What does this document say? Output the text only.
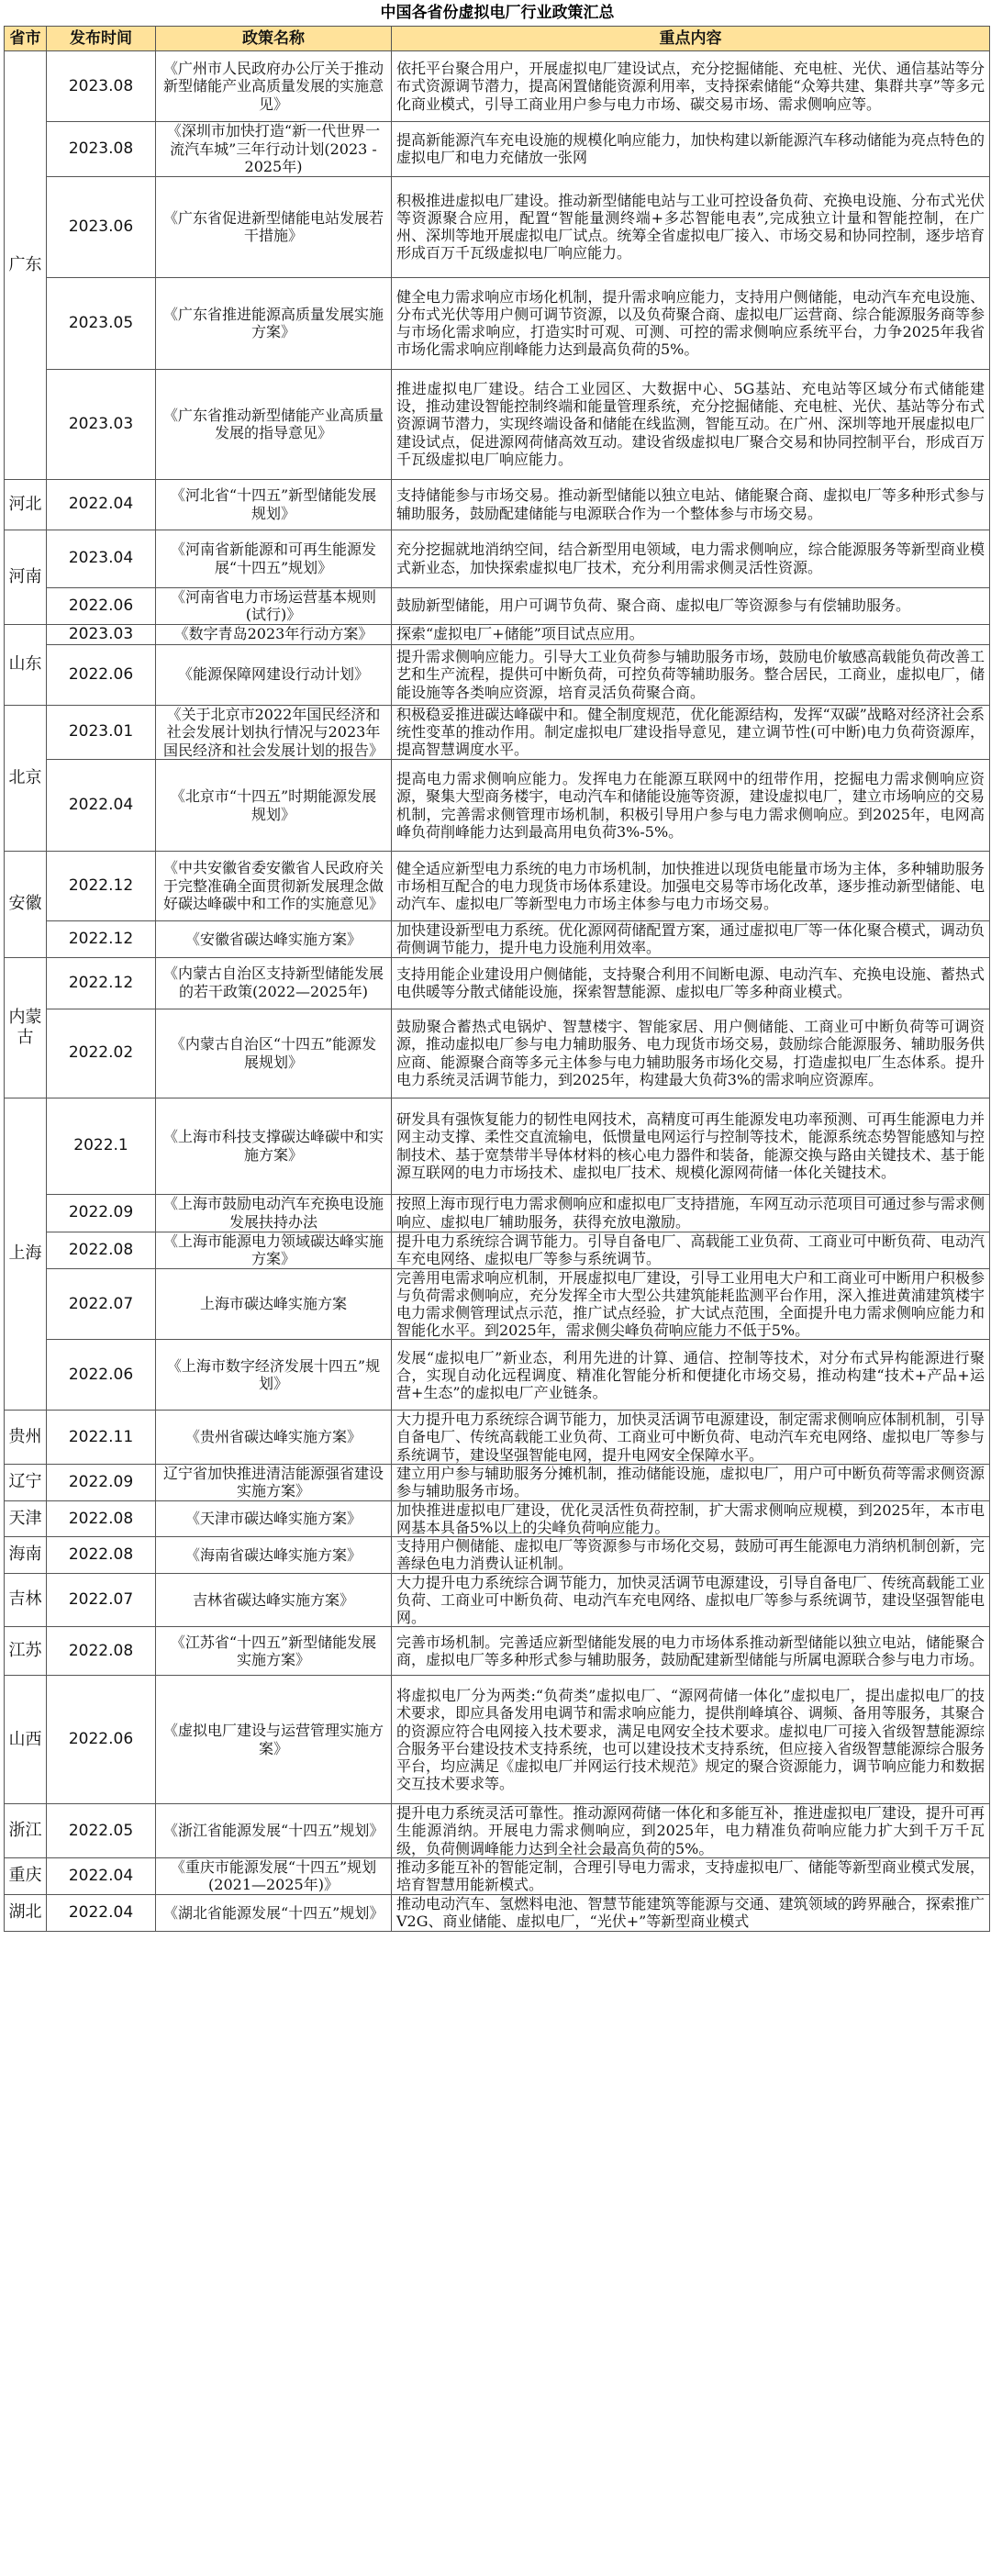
中国各省份虚拟电厂行业政策汇总
省市	发布时间	政策名称	重点内容
广东	2023.08	《广州市人民政府办公厅关于推动新型储能产业高质量发展的实施意见》	依托平台聚合用户，开展虚拟电厂建设试点，充分挖掘储能、充电桩、光伏、通信基站等分布式资源调节潜力，提高闲置储能资源利用率，支持探索储能“众筹共建、集群共享”等多元化商业模式，引导工商业用户参与电力市场、碳交易市场、需求侧响应等。
	2023.08	《深圳市加快打造“新一代世界一流汽车城”三年行动计划(2023 - 2025年)	提高新能源汽车充电设施的规模化响应能力，加快构建以新能源汽车移动储能为亮点特色的虚拟电厂和电力充储放一张网
	2023.06	《广东省促进新型储能电站发展若干措施》	积极推进虚拟电厂建设。推动新型储能电站与工业可控设备负荷、充换电设施、分布式光伏等资源聚合应用，配置“智能量测终端+多芯智能电表”,完成独立计量和智能控制，在广州、深圳等地开展虚拟电厂试点。统筹全省虚拟电厂接入、市场交易和协同控制，逐步培育形成百万千瓦级虚拟电厂响应能力。
	2023.05	《广东省推进能源高质量发展实施方案》	健全电力需求响应市场化机制，提升需求响应能力，支持用户侧储能，电动汽车充电设施、分布式光伏等用户侧可调节资源，以及负荷聚合商、虚拟电厂运营商、综合能源服务商等参与市场化需求响应，打造实时可观、可测、可控的需求侧响应系统平台，力争2025年我省市场化需求响应削峰能力达到最高负荷的5%。
	2023.03	《广东省推动新型储能产业高质量发展的指导意见》	推进虚拟电厂建设。结合工业园区、大数据中心、5G基站、充电站等区域分布式储能建设，推动建设智能控制终端和能量管理系统，充分挖掘储能、充电桩、光伏、基站等分布式资源调节潜力，实现终端设备和储能在线监测，智能互动。在广州、深圳等地开展虚拟电厂建设试点，促进源网荷储高效互动。建设省级虚拟电厂聚合交易和协同控制平台，形成百万千瓦级虚拟电厂响应能力。
河北	2022.04	《河北省“十四五”新型储能发展规划》	支持储能参与市场交易。推动新型储能以独立电站、储能聚合商、虚拟电厂等多种形式参与辅助服务，鼓励配建储能与电源联合作为一个整体参与市场交易。
河南	2023.04	《河南省新能源和可再生能源发展“十四五”规划》	充分挖掘就地消纳空间，结合新型用电领域，电力需求侧响应，综合能源服务等新型商业模式新业态，加快探索虚拟电厂技术，充分利用需求侧灵活性资源。
	2022.06	《河南省电力市场运营基本规则(试行)》	鼓励新型储能，用户可调节负荷、聚合商、虚拟电厂等资源参与有偿辅助服务。
山东	2023.03	《数字青岛2023年行动方案》	探索“虚拟电厂+储能”项目试点应用。
	2022.06	《能源保障网建设行动计划》	提升需求侧响应能力。引导大工业负荷参与辅助服务市场，鼓励电价敏感高载能负荷改善工艺和生产流程，提供可中断负荷，可控负荷等辅助服务。整合居民，工商业，虚拟电厂，储能设施等各类响应资源，培育灵活负荷聚合商。
北京	2023.01	《关于北京市2022年国民经济和社会发展计划执行情况与2023年国民经济和社会发展计划的报告》	积极稳妥推进碳达峰碳中和。健全制度规范，优化能源结构，发挥“双碳”战略对经济社会系统性变革的推动作用。制定虚拟电厂建设指导意见，建立调节性(可中断)电力负荷资源库，提高智慧调度水平。
	2022.04	《北京市“十四五”时期能源发展规划》	提高电力需求侧响应能力。发挥电力在能源互联网中的纽带作用，挖掘电力需求侧响应资源，聚集大型商务楼宇，电动汽车和储能设施等资源，建设虚拟电厂，建立市场响应的交易机制，完善需求侧管理市场机制，积极引导用户参与电力需求侧响应。到2025年，电网高峰负荷削峰能力达到最高用电负荷3%-5%。
安徽	2022.12	《中共安徽省委安徽省人民政府关于完整准确全面贯彻新发展理念做好碳达峰碳中和工作的实施意见》	健全适应新型电力系统的电力市场机制，加快推进以现货电能量市场为主体，多种辅助服务市场相互配合的电力现货市场体系建设。加强电交易等市场化改革，逐步推动新型储能、电动汽车、虚拟电厂等新型电力市场主体参与电力市场交易。
	2022.12	《安徽省碳达峰实施方案》	加快建设新型电力系统。优化源网荷储配置方案，通过虚拟电厂等一体化聚合模式，调动负荷侧调节能力，提升电力设施利用效率。
内蒙古	2022.12	《内蒙古自治区支持新型储能发展的若干政策(2022—2025年)	支持用能企业建设用户侧储能，支持聚合利用不间断电源、电动汽车、充换电设施、蓄热式电供暖等分散式储能设施，探索智慧能源、虚拟电厂等多种商业模式。
	2022.02	《内蒙古自治区“十四五”能源发展规划》	鼓励聚合蓄热式电锅炉、智慧楼宇、智能家居、用户侧储能、工商业可中断负荷等可调资源，推动虚拟电厂参与电力辅助服务、电力现货市场交易，鼓励综合能源服务、辅助服务供应商、能源聚合商等多元主体参与电力辅助服务市场化交易，打造虚拟电厂生态体系。提升电力系统灵活调节能力，到2025年，构建最大负荷3%的需求响应资源库。
上海	2022.1	《上海市科技支撑碳达峰碳中和实施方案》	研发具有强恢复能力的韧性电网技术，高精度可再生能源发电功率预测、可再生能源电力并网主动支撑、柔性交直流输电，低惯量电网运行与控制等技术，能源系统态势智能感知与控制技术、基于宽禁带半导体材料的核心电力器件和装备，能源交换与路由关键技术、基于能源互联网的电力市场技术、虚拟电厂技术、规模化源网荷储一体化关键技术。
	2022.09	《上海市鼓励电动汽车充换电设施发展扶持办法	按照上海市现行电力需求侧响应和虚拟电厂支持措施，车网互动示范项目可通过参与需求侧响应、虚拟电厂辅助服务，获得充放电激励。
	2022.08	《上海市能源电力领域碳达峰实施方案》	提升电力系统综合调节能力。引导自备电厂、高载能工业负荷、工商业可中断负荷、电动汽车充电网络、虚拟电厂等参与系统调节。
	2022.07	上海市碳达峰实施方案	完善用电需求响应机制，开展虚拟电厂建设，引导工业用电大户和工商业可中断用户积极参与负荷需求侧响应，充分发挥全市大型公共建筑能耗监测平台作用，深入推进黄浦建筑楼宇电力需求侧管理试点示范，推广试点经验，扩大试点范围，全面提升电力需求侧响应能力和智能化水平。到2025年，需求侧尖峰负荷响应能力不低于5%。
	2022.06	《上海市数字经济发展十四五”规划》	发展“虚拟电厂”新业态，利用先进的计算、通信、控制等技术，对分布式异构能源进行聚合，实现自动化远程调度、精准化智能分析和便捷化市场交易，推动构建“技术+产品+运营+生态”的虚拟电厂产业链条。
贵州	2022.11	《贵州省碳达峰实施方案》	大力提升电力系统综合调节能力，加快灵活调节电源建设，制定需求侧响应体制机制，引导自备电厂、传统高载能工业负荷、工商业可中断负荷、电动汽车充电网络、虚拟电厂等参与系统调节，建设坚强智能电网，提升电网安全保障水平。
辽宁	2022.09	辽宁省加快推进清洁能源强省建设实施方案》	建立用户参与辅助服务分摊机制，推动储能设施，虚拟电厂，用户可中断负荷等需求侧资源参与辅助服务市场。
天津	2022.08	《天津市碳达峰实施方案》	加快推进虚拟电厂建设，优化灵活性负荷控制，扩大需求侧响应规模，到2025年，本市电网基本具备5%以上的尖峰负荷响应能力。
海南	2022.08	《海南省碳达峰实施方案》	支持用户侧储能、虚拟电厂等资源参与市场化交易，鼓励可再生能源电力消纳机制创新，完善绿色电力消费认证机制。
吉林	2022.07	吉林省碳达峰实施方案》	大力提升电力系统综合调节能力，加快灵活调节电源建设，引导自备电厂、传统高载能工业负荷、工商业可中断负荷、电动汽车充电网络、虚拟电厂等参与系统调节，建设坚强智能电网。
江苏	2022.08	《江苏省“十四五”新型储能发展实施方案》	完善市场机制。完善适应新型储能发展的电力市场体系推动新型储能以独立电站，储能聚合商，虚拟电厂等多种形式参与辅助服务，鼓励配建新型储能与所属电源联合参与电力市场。
山西	2022.06	《虚拟电厂建设与运营管理实施方案》	将虚拟电厂分为两类:“负荷类”虚拟电厂、“源网荷储一体化”虚拟电厂，提出虚拟电厂的技术要求，即应具备发用电调节和需求响应能力，提供削峰填谷、调频、备用等服务，其聚合的资源应符合电网接入技术要求，满足电网安全技术要求。虚拟电厂可接入省级智慧能源综合服务平台建设技术支持系统，也可以建设技术支持系统，但应接入省级智慧能源综合服务平台，均应满足《虚拟电厂并网运行技术规范》规定的聚合资源能力，调节响应能力和数据交互技术要求等。
浙江	2022.05	《浙江省能源发展“十四五”规划》	提升电力系统灵活可靠性。推动源网荷储一体化和多能互补，推进虚拟电厂建设，提升可再生能源消纳。开展电力需求侧响应，到2025年，电力精准负荷响应能力扩大到千万千瓦级，负荷侧调峰能力达到全社会最高负荷的5%。
重庆	2022.04	《重庆市能源发展“十四五”规划(2021—2025年)》	推动多能互补的智能定制，合理引导电力需求，支持虚拟电厂、储能等新型商业模式发展，培育智慧用能新模式。
湖北	2022.04	《湖北省能源发展“十四五”规划》	推动电动汽车、氢燃料电池、智慧节能建筑等能源与交通、建筑领域的跨界融合，探索推广V2G、商业储能、虚拟电厂，“光伏+”等新型商业模式
